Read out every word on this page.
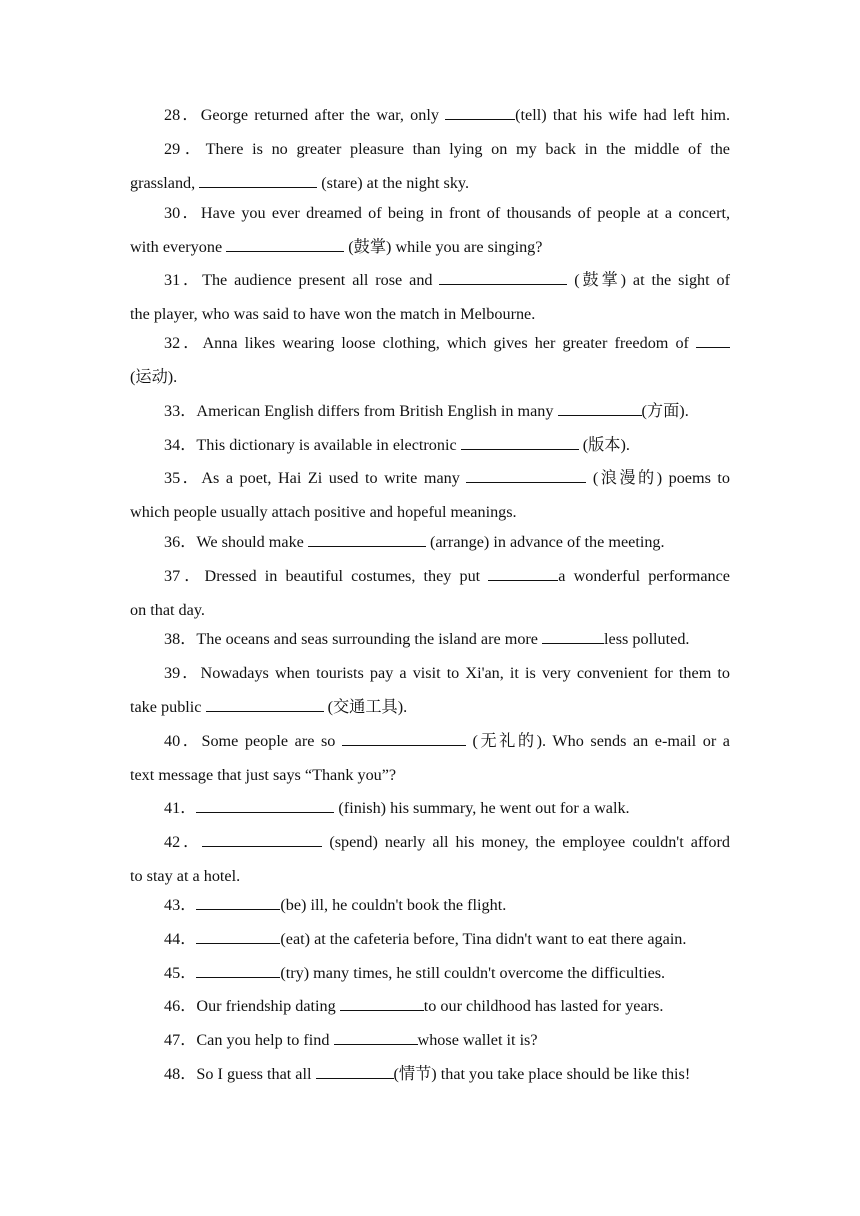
28．George returned after the war, only	(tell) that his wife had left him.
29．There is no greater pleasure than lying on my back in the middle of the
grassland,	(stare) at the night sky.
30．Have you ever dreamed of being in front of thousands of people at a concert,
with everyone	(鼓掌) while you are singing?
31．The audience present all rose and	(鼓掌) at the sight of
the player, who was said to have won the match in Melbourne.
32．Anna likes wearing loose clothing, which gives her greater freedom of
(运动).
33．American English differs from British English in many	(方面).
34．This dictionary is available in electronic	(版本).
35．As a poet, Hai Zi used to write many	(浪漫的) poems to
which people usually attach positive and hopeful meanings.
36．We should make	(arrange) in advance of the meeting.
37．Dressed in beautiful costumes, they put	a wonderful performance
on that day.
38．The oceans and seas surrounding the island are more	less polluted.
39．Nowadays when tourists pay a visit to Xi'an, it is very convenient for them to
take public	(交通工具).
40．Some people are so	(无礼的). Who sends an e-mail or a
text message that just says “Thank you”?
41．	(finish) his summary, he went out for a walk.
42．	(spend) nearly all his money, the employee couldn't afford
to stay at a hotel.
43．	(be) ill, he couldn't book the flight.
44．	(eat) at the cafeteria before, Tina didn't want to eat there again.
45．	(try) many times, he still couldn't overcome the difficulties.
46．Our friendship dating	to our childhood has lasted for years.
47．Can you help to find	whose wallet it is?
48．So I guess that all	(情节) that you take place should be like this!
